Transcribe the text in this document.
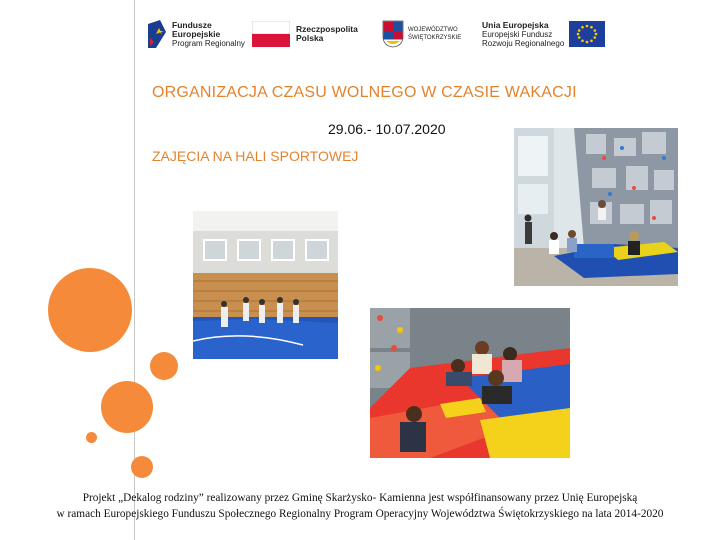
Fundusze
Europejskie
Program Regionalny
Rzeczpospolita
Polska
WOJEWÓDZTWO
ŚWIĘTOKRZYSKIE
Unia Europejska
Europejski Fundusz
Rozwoju Regionalnego
ORGANIZACJA CZASU WOLNEGO W CZASIE WAKACJI
29.06.- 10.07.2020
ZAJĘCIA NA HALI SPORTOWEJ
Projekt „Dekalog rodziny” realizowany przez Gminę Skarżysko- Kamienna jest współfinansowany przez Unię Europejską
w ramach Europejskiego Funduszu Społecznego Regionalny Program Operacyjny Województwa Świętokrzyskiego na lata 2014-2020
